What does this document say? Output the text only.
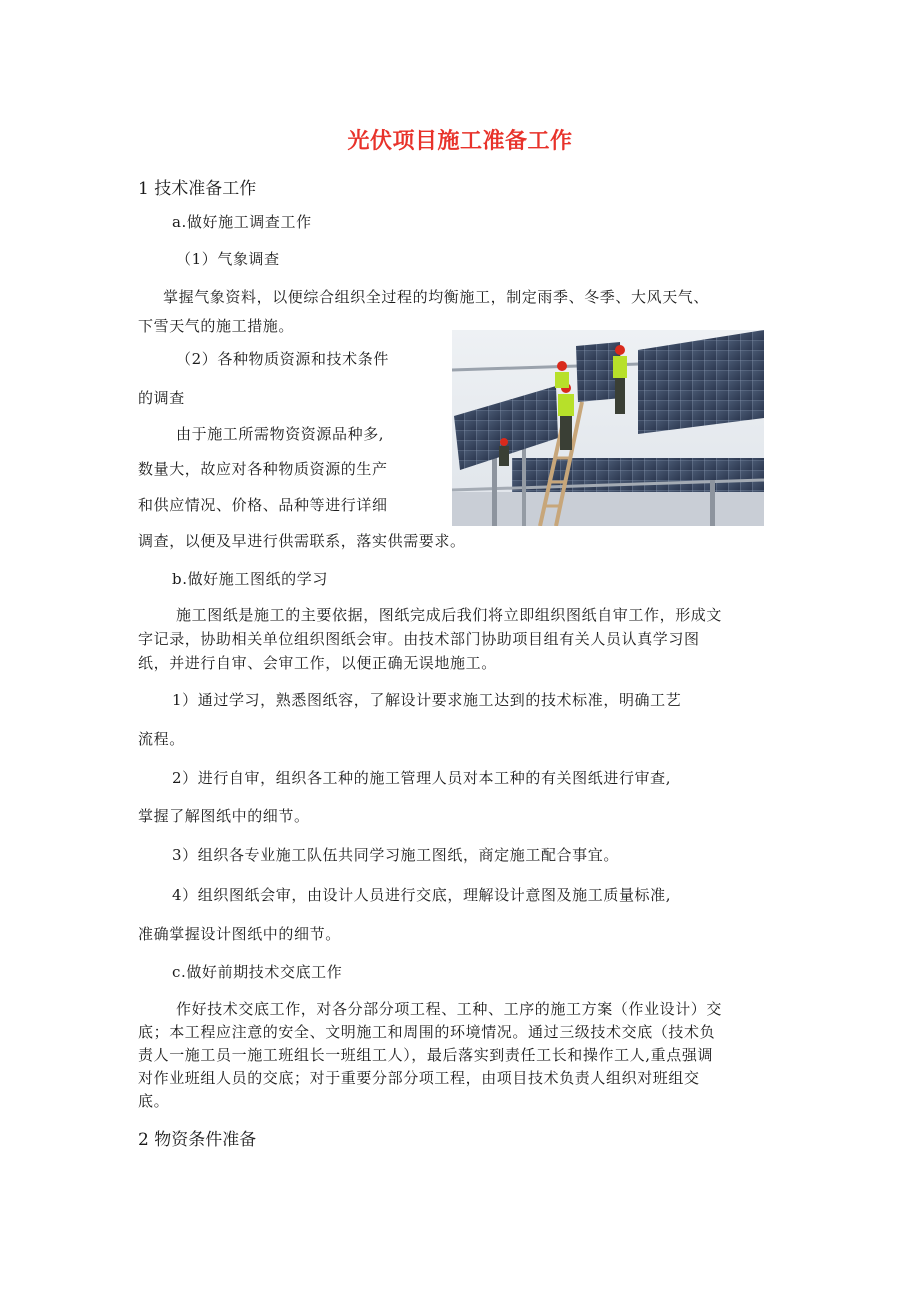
光伏项目施工准备工作
1 技术准备工作
a.做好施工调查工作
（1）气象调查
掌握气象资料，以便综合组织全过程的均衡施工，制定雨季、冬季、大风天气、
下雪天气的施工措施。
（2）各种物质资源和技术条件
的调查
由于施工所需物资资源品种多,
数量大，故应对各种物质资源的生产
和供应情况、价格、品种等进行详细
调查，以便及早进行供需联系，落实供需要求。
b.做好施工图纸的学习
施工图纸是施工的主要依据，图纸完成后我们将立即组织图纸自审工作，形成文
字记录，协助相关单位组织图纸会审。由技术部门协助项目组有关人员认真学习图
纸，并进行自审、会审工作，以便正确无误地施工。
1）通过学习，熟悉图纸容，了解设计要求施工达到的技术标准，明确工艺
流程。
2）进行自审，组织各工种的施工管理人员对本工种的有关图纸进行审查,
掌握了解图纸中的细节。
3）组织各专业施工队伍共同学习施工图纸，商定施工配合事宜。
4）组织图纸会审，由设计人员进行交底，理解设计意图及施工质量标准,
准确掌握设计图纸中的细节。
c.做好前期技术交底工作
作好技术交底工作，对各分部分项工程、工种、工序的施工方案（作业设计）交
底；本工程应注意的安全、文明施工和周围的环境情况。通过三级技术交底（技术负
责人一施工员一施工班组长一班组工人），最后落实到责任工长和操作工人,重点强调
对作业班组人员的交底；对于重要分部分项工程，由项目技术负责人组织对班组交
底。
2 物资条件准备
